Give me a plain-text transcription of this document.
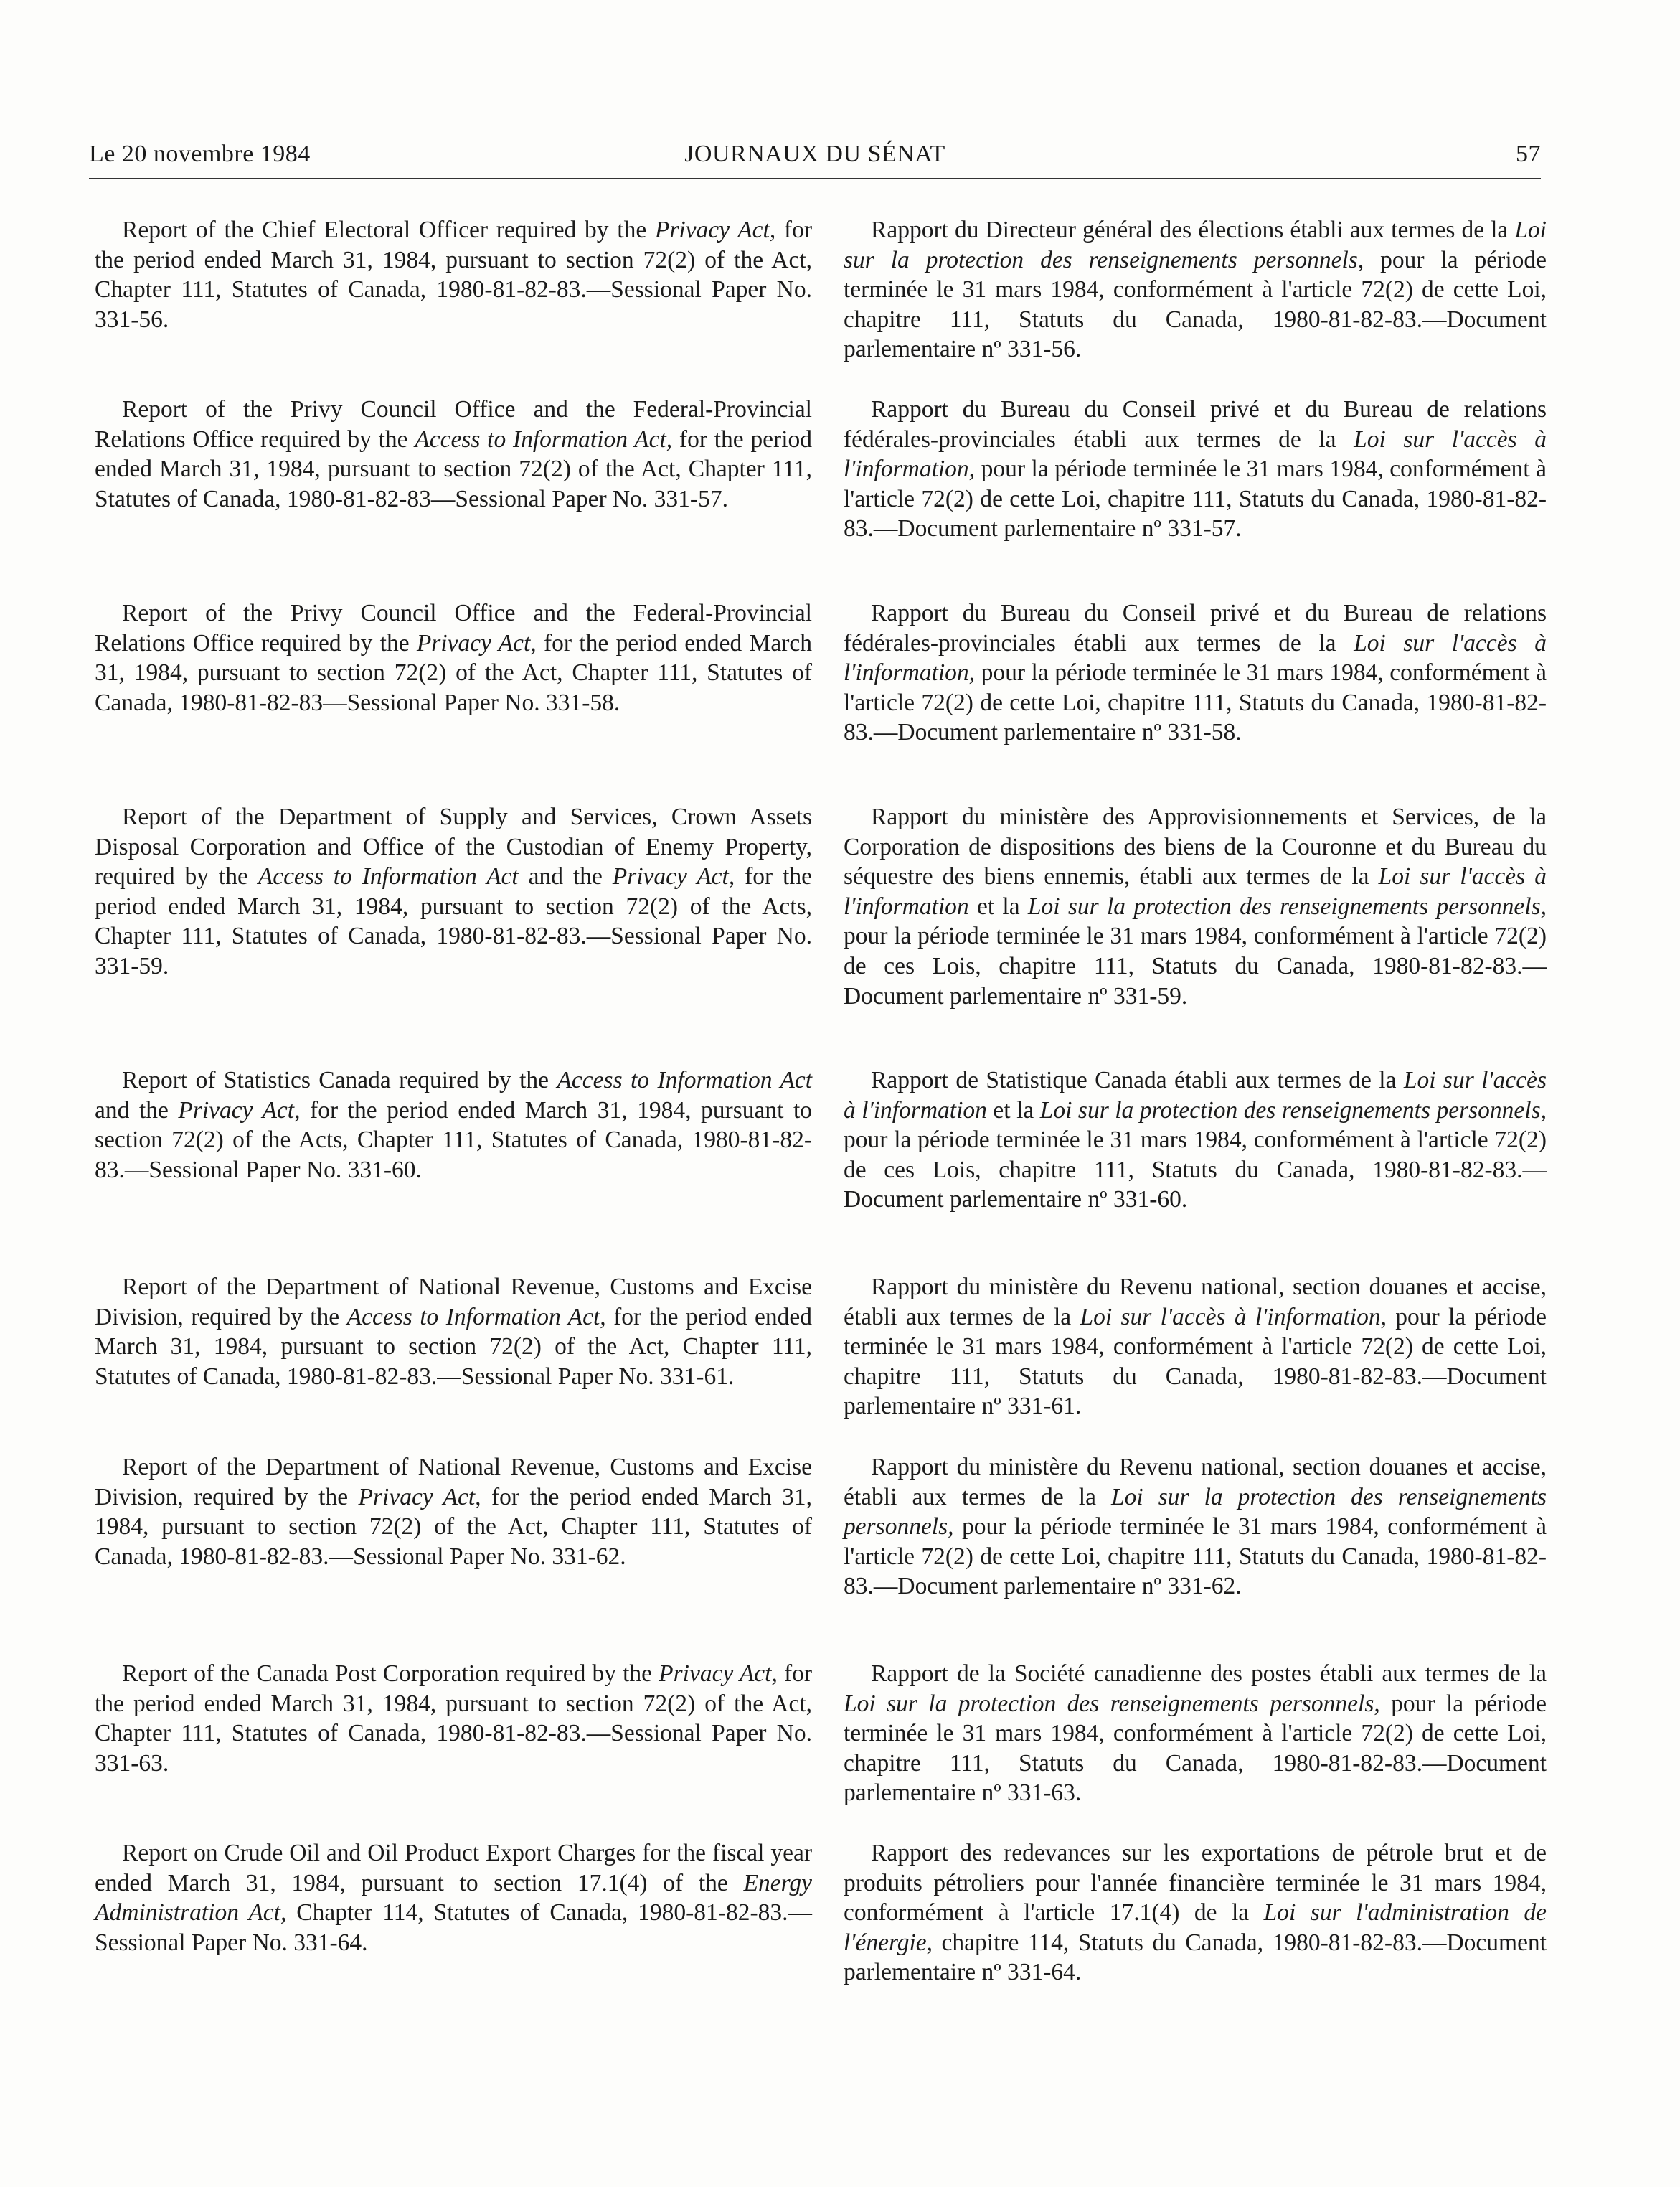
Le 20 novembre 1984	JOURNAUX DU SÉNAT	57

Report of the Chief Electoral Officer required by the Privacy Act, for the period ended March 31, 1984, pursuant to section 72(2) of the Act, Chapter 111, Statutes of Canada, 1980-81-82-83.—Sessional Paper No. 331-56.

Report of the Privy Council Office and the Federal-Provincial Relations Office required by the Access to Information Act, for the period ended March 31, 1984, pursuant to section 72(2) of the Act, Chapter 111, Statutes of Canada, 1980-81-82-83—Sessional Paper No. 331-57.

Report of the Privy Council Office and the Federal-Provincial Relations Office required by the Privacy Act, for the period ended March 31, 1984, pursuant to section 72(2) of the Act, Chapter 111, Statutes of Canada, 1980-81-82-83—Sessional Paper No. 331-58.

Report of the Department of Supply and Services, Crown Assets Disposal Corporation and Office of the Custodian of Enemy Property, required by the Access to Information Act and the Privacy Act, for the period ended March 31, 1984, pursuant to section 72(2) of the Acts, Chapter 111, Statutes of Canada, 1980-81-82-83.—Sessional Paper No. 331-59.

Report of Statistics Canada required by the Access to Information Act and the Privacy Act, for the period ended March 31, 1984, pursuant to section 72(2) of the Acts, Chapter 111, Statutes of Canada, 1980-81-82-83.—Sessional Paper No. 331-60.

Report of the Department of National Revenue, Customs and Excise Division, required by the Access to Information Act, for the period ended March 31, 1984, pursuant to section 72(2) of the Act, Chapter 111, Statutes of Canada, 1980-81-82-83.—Sessional Paper No. 331-61.

Report of the Department of National Revenue, Customs and Excise Division, required by the Privacy Act, for the period ended March 31, 1984, pursuant to section 72(2) of the Act, Chapter 111, Statutes of Canada, 1980-81-82-83.—Sessional Paper No. 331-62.

Report of the Canada Post Corporation required by the Privacy Act, for the period ended March 31, 1984, pursuant to section 72(2) of the Act, Chapter 111, Statutes of Canada, 1980-81-82-83.—Sessional Paper No. 331-63.

Report on Crude Oil and Oil Product Export Charges for the fiscal year ended March 31, 1984, pursuant to section 17.1(4) of the Energy Administration Act, Chapter 114, Statutes of Canada, 1980-81-82-83.—Sessional Paper No. 331-64.

Rapport du Directeur général des élections établi aux termes de la Loi sur la protection des renseignements personnels, pour la période terminée le 31 mars 1984, conformément à l'article 72(2) de cette Loi, chapitre 111, Statuts du Canada, 1980-81-82-83.—Document parlementaire nº 331-56.

Rapport du Bureau du Conseil privé et du Bureau de relations fédérales-provinciales établi aux termes de la Loi sur l'accès à l'information, pour la période terminée le 31 mars 1984, conformément à l'article 72(2) de cette Loi, chapitre 111, Statuts du Canada, 1980-81-82-83.—Document parlementaire nº 331-57.

Rapport du Bureau du Conseil privé et du Bureau de relations fédérales-provinciales établi aux termes de la Loi sur l'accès à l'information, pour la période terminée le 31 mars 1984, conformément à l'article 72(2) de cette Loi, chapitre 111, Statuts du Canada, 1980-81-82-83.—Document parlementaire nº 331-58.

Rapport du ministère des Approvisionnements et Services, de la Corporation de dispositions des biens de la Couronne et du Bureau du séquestre des biens ennemis, établi aux termes de la Loi sur l'accès à l'information et la Loi sur la protection des renseignements personnels, pour la période terminée le 31 mars 1984, conformément à l'article 72(2) de ces Lois, chapitre 111, Statuts du Canada, 1980-81-82-83.—Document parlementaire nº 331-59.

Rapport de Statistique Canada établi aux termes de la Loi sur l'accès à l'information et la Loi sur la protection des renseignements personnels, pour la période terminée le 31 mars 1984, conformément à l'article 72(2) de ces Lois, chapitre 111, Statuts du Canada, 1980-81-82-83.—Document parlementaire nº 331-60.

Rapport du ministère du Revenu national, section douanes et accise, établi aux termes de la Loi sur l'accès à l'information, pour la période terminée le 31 mars 1984, conformément à l'article 72(2) de cette Loi, chapitre 111, Statuts du Canada, 1980-81-82-83.—Document parlementaire nº 331-61.

Rapport du ministère du Revenu national, section douanes et accise, établi aux termes de la Loi sur la protection des renseignements personnels, pour la période terminée le 31 mars 1984, conformément à l'article 72(2) de cette Loi, chapitre 111, Statuts du Canada, 1980-81-82-83.—Document parlementaire nº 331-62.

Rapport de la Société canadienne des postes établi aux termes de la Loi sur la protection des renseignements personnels, pour la période terminée le 31 mars 1984, conformément à l'article 72(2) de cette Loi, chapitre 111, Statuts du Canada, 1980-81-82-83.—Document parlementaire nº 331-63.

Rapport des redevances sur les exportations de pétrole brut et de produits pétroliers pour l'année financière terminée le 31 mars 1984, conformément à l'article 17.1(4) de la Loi sur l'administration de l'énergie, chapitre 114, Statuts du Canada, 1980-81-82-83.—Document parlementaire nº 331-64.
